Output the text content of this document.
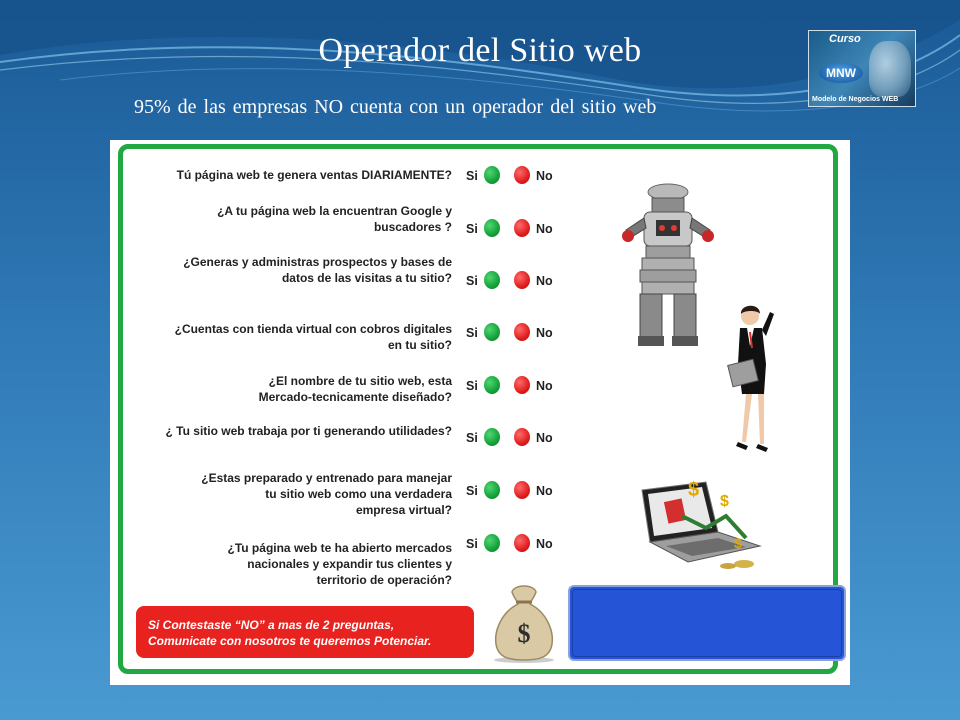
Operador del Sitio web
95% de las empresas NO cuenta con un operador del sitio web
Curso
MNW
Modelo de Negocios WEB
Tú página web te genera ventas DIARIAMENTE? Si	No
¿A tu página web la encuentran Google y
buscadores ? Si	No
¿Generas y administras prospectos y bases de
datos de las visitas a tu sitio? Si	No
¿Cuentas con tienda virtual con cobros digitales
en tu sitio?
Si	No
¿El nombre de tu sitio web, esta
Mercado-tecnicamente diseñado?
Si	No
¿ Tu sitio web trabaja por ti generando utilidades? Si	No
¿Estas preparado y entrenado para manejar
tu sitio web como una verdadera
empresa virtual?
Si	No
¿Tu página web te ha abierto mercados
nacionales y expandir tus clientes y
territorio de operación?
Si	No
Si Contestaste “NO” a mas de 2 preguntas,
Comunicate con nosotros te queremos Potenciar.	$
$
$
$
